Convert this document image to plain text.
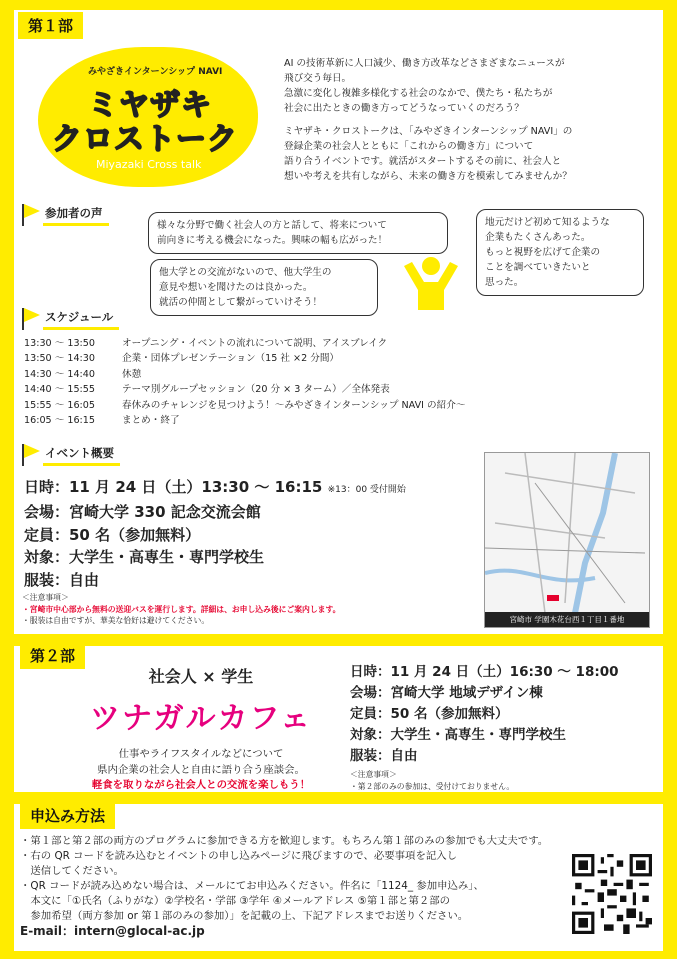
第１部
みやざきインターンシップ NAVI
ミヤザキ
クロストーク
Miyazaki Cross talk

AI の技術革新に人口減少、働き方改革などさまざまなニュースが

飛び交う毎日。

急激に変化し複雑多様化する社会のなかで、僕たち・私たちが

社会に出たときの働き方ってどうなっていくのだろう？

ミヤザキ・クロストークは、「みやざきインターンシップ NAVI」の

登録企業の社会人とともに「これからの働き方」について

語り合うイベントです。就活がスタートするその前に、社会人と

想いや考えを共有しながら、未来の働き方を模索してみませんか？

参加者の声
様々な分野で働く社会人の方と話して、将来について
前向きに考える機会になった。興味の幅も広がった！
他大学との交流がないので、他大学生の
意見や想いを聞けたのは良かった。
就活の仲間として繋がっていけそう！
地元だけど初めて知るような
企業もたくさんあった。
もっと視野を広げて企業の
ことを調べていきたいと
思った。
スケジュール
13:30 ～ 13:50	オープニング・イベントの流れについて説明、アイスブレイク
13:50 ～ 14:30	企業・団体プレゼンテーション（15 社 ×2 分間）
14:30 ～ 14:40	休憩
14:40 ～ 15:55	テーマ別グループセッション（20 分 × 3 ターム）／全体発表
15:55 ～ 16:05	春休みのチャレンジを見つけよう！～みやざきインターンシップ NAVI の紹介～
16:05 ～ 16:15	まとめ・終了
イベント概要
日時：11 月 24 日（土）13:30 ～ 16:15 ※13：00 受付開始
会場：宮崎大学 330 記念交流会館
定員：50 名（参加無料）
対象：大学生・高専生・専門学校生
服装：自由
＜注意事項＞
・宮崎市中心部から無料の送迎バスを運行します。詳細は、お申し込み後にご案内します。
・服装は自由ですが、華美な恰好は避けてください。	宮崎市 学園木花台西１丁目１番地
第２部
社会人 × 学生
ツナガルカフェ
仕事やライフスタイルなどについて
県内企業の社会人と自由に語り合う座談会。
軽食を取りながら社会人との交流を楽しもう！
日時：11 月 24 日（土）16:30 ～ 18:00
会場：宮崎大学 地域デザイン棟
定員：50 名（参加無料）
対象：大学生・高専生・専門学校生
服装：自由
＜注意事項＞
・第２部のみの参加は、受付けておりません。
申込み方法
・第１部と第２部の両方のプログラムに参加できる方を歓迎します。もちろん第１部のみの参加でも大丈夫です。
・右の QR コードを読み込むとイベントの申し込みページに飛びますので、必要事項を記入し
　送信してください。
・QR コードが読み込めない場合は、メールにてお申込みください。件名に「1124_ 参加申込み」、
　本文に「①氏名（ふりがな）②学校名・学部 ③学年 ④メールアドレス ⑤第１部と第２部の
　参加希望（両方参加 or 第１部のみの参加）」を記載の上、下記アドレスまでお送りください。
E-mail：intern@glocal-ac.jp
